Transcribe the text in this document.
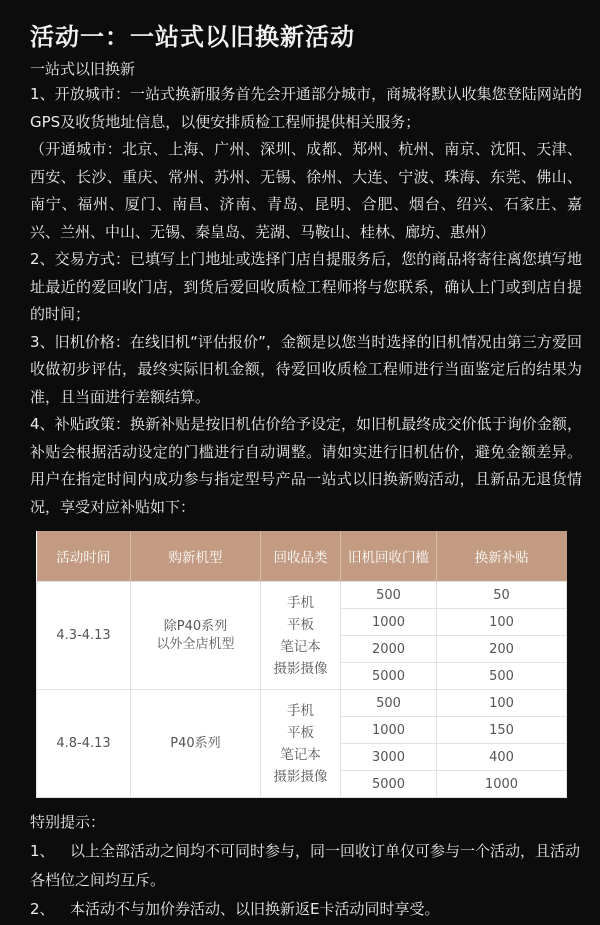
活动一：一站式以旧换新活动
一站式以旧换新

1、开放城市：一站式换新服务首先会开通部分城市，商城将默认收集您登陆网站的GPS及收货地址信息，以便安排质检工程师提供相关服务；

（开通城市：北京、上海、广州、深圳、成都、郑州、杭州、南京、沈阳、天津、西安、长沙、重庆、常州、苏州、无锡、徐州、大连、宁波、珠海、东莞、佛山、南宁、福州、厦门、南昌、济南、青岛、昆明、合肥、烟台、绍兴、石家庄、嘉兴、兰州、中山、无锡、秦皇岛、芜湖、马鞍山、桂林、廊坊、惠州）

2、交易方式：已填写上门地址或选择门店自提服务后，您的商品将寄往离您填写地址最近的爱回收门店，到货后爱回收质检工程师将与您联系，确认上门或到店自提的时间；

3、旧机价格：在线旧机“评估报价”，金额是以您当时选择的旧机情况由第三方爱回收做初步评估，最终实际旧机金额，待爱回收质检工程师进行当面鉴定后的结果为准，且当面进行差额结算。

4、补贴政策：换新补贴是按旧机估价给予设定，如旧机最终成交价低于询价金额，补贴会根据活动设定的门槛进行自动调整。请如实进行旧机估价，避免金额差异。用户在指定时间内成功参与指定型号产品一站式以旧换新购活动，且新品无退货情况，享受对应补贴如下：

活动时间	购新机型	回收品类	旧机回收门槛	换新补贴
4.3-4.13	除P40系列
以外全店机型	手机
平板
笔记本
摄影摄像	500	50
			1000	100
			2000	200
			5000	500
4.8-4.13	P40系列	手机
平板
笔记本
摄影摄像	500	100
			1000	150
			3000	400
			5000	1000

特别提示：

1、 以上全部活动之间均不可同时参与，同一回收订单仅可参与一个活动，且活动各档位之间均互斥。

2、 本活动不与加价券活动、以旧换新返E卡活动同时享受。
